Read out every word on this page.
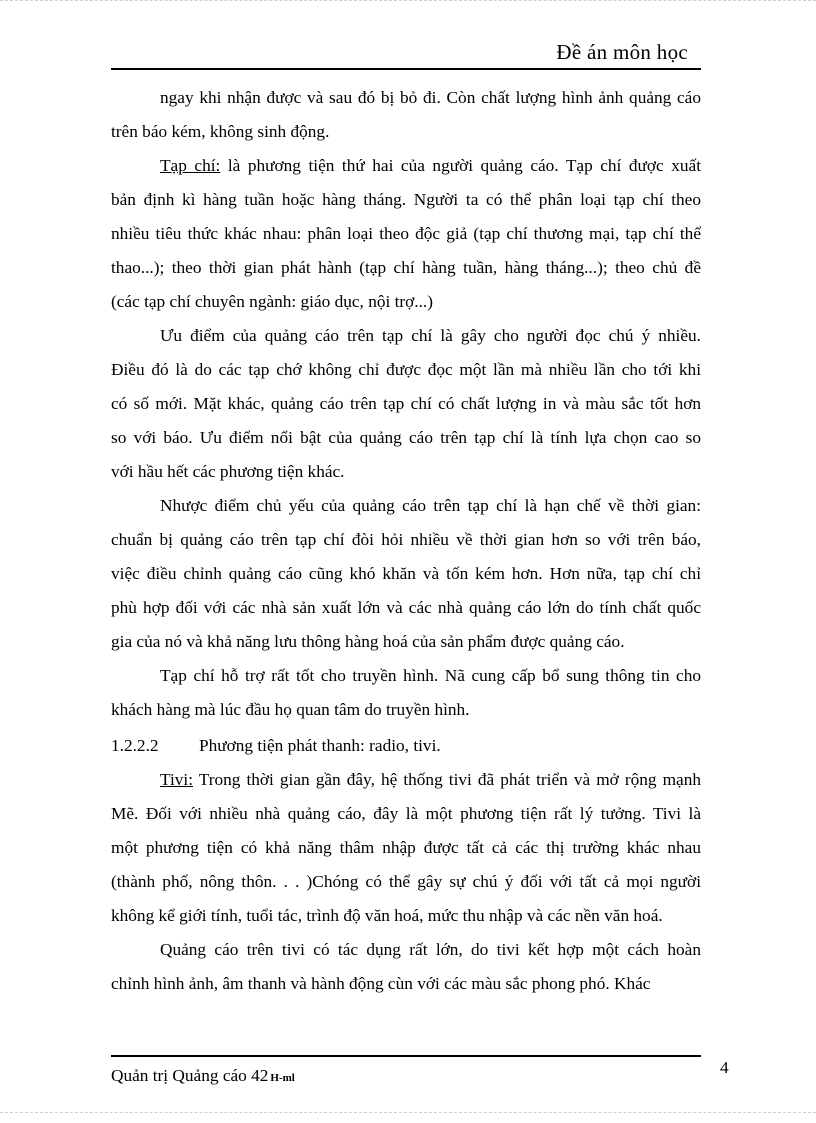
Đề án môn học
ngay khi nhận được và sau đó bị bỏ đi. Còn chất lượng hình ảnh quảng cáo
trên báo kém, không sinh động.
Tạp chí: là phương tiện thứ hai của người quảng cáo. Tạp chí được xuất
bản định kì hàng tuần hoặc hàng tháng. Người ta có thể phân loại tạp chí theo
nhiều tiêu thức khác nhau: phân loại theo độc giả (tạp chí thương mại, tạp chí thể
thao...); theo thời gian phát hành (tạp chí hàng tuần, hàng tháng...); theo chủ đề
(các tạp chí chuyên ngành: giáo dục, nội trợ...)
Ưu điểm của quảng cáo trên tạp chí là gây cho người đọc chú ý nhiều.
Điều đó là do các tạp chớ không chỉ được đọc một lần mà nhiều lần cho tới khi
có số mới. Mặt khác, quảng cáo trên tạp chí có chất lượng in và màu sắc tốt hơn
so với báo. Ưu điểm nổi bật của quảng cáo trên tạp chí là tính lựa chọn cao so
với hầu hết các phương tiện khác.
Nhược điểm chủ yếu của quảng cáo trên tạp chí là hạn chế về thời gian:
chuẩn bị quảng cáo trên tạp chí đòi hỏi nhiều về thời gian hơn so với trên báo,
việc điều chỉnh quảng cáo cũng khó khăn và tốn kém hơn. Hơn nữa, tạp chí chỉ
phù hợp đối với các nhà sản xuất lớn và các nhà quảng cáo lớn do tính chất quốc
gia của nó và khả năng lưu thông hàng hoá của sản phẩm được quảng cáo.
Tạp chí hỗ trợ rất tốt cho truyền hình. Nã cung cấp bổ sung thông tin cho
khách hàng mà lúc đầu họ quan tâm do truyền hình.
1.2.2.2 Phương tiện phát thanh: radio, tivi.
Tivi: Trong thời gian gần đây, hệ thống tivi đã phát triển và mở rộng mạnh
Mẽ. Đối với nhiều nhà quảng cáo, đây là một phương tiện rất lý tưởng. Tivi là
một phương tiện có khả năng thâm nhập được tất cả các thị trường khác nhau
(thành phố, nông thôn. . . )Chóng có thể gây sự chú ý đối với tất cả mọi người
không kể giới tính, tuổi tác, trình độ văn hoá, mức thu nhập và các nền văn hoá.
Quảng cáo trên tivi có tác dụng rất lớn, do tivi kết hợp một cách hoàn
chỉnh hình ảnh, âm thanh và hành động cùn với các màu sắc phong phó. Khác
Quản trị Quảng cáo 42 H-ml
4
